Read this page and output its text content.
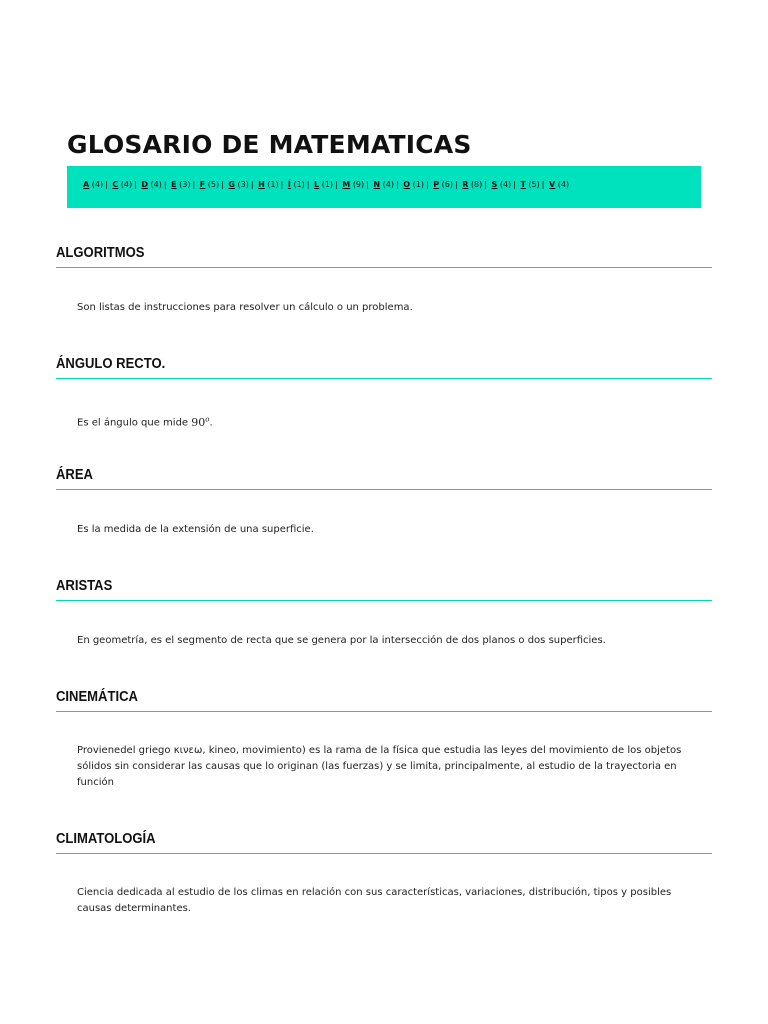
GLOSARIO DE MATEMATICAS
A (4) | C (4) | D (4) | E (3) | F (5) | G (3) | H (1) | Í (1) | L (1) | M (9) | N (4) | O (1) | P (6) | R (8) | S (4) | T (5) | V (4)
ALGORITMOS

Son listas de instrucciones para resolver un cálculo o un problema.

ÁNGULO RECTO.

Es el ángulo que mide 90$^o$.

ÁREA

Es la medida de la extensión de una superficie.

ARISTAS

En geometría, es el segmento de recta que se genera por la intersección de dos planos o dos superficies.

CINEMÁTICA

Provienedel griego κινεω, kineo, movimiento) es la rama de la física que estudia las leyes del movimiento de los objetos sólidos sin considerar las causas que lo originan (las fuerzas) y se limita, principalmente, al estudio de la trayectoria en función

CLIMATOLOGÍA

Ciencia dedicada al estudio de los climas en relación con sus características, variaciones, distribución, tipos y posibles causas determinantes.
